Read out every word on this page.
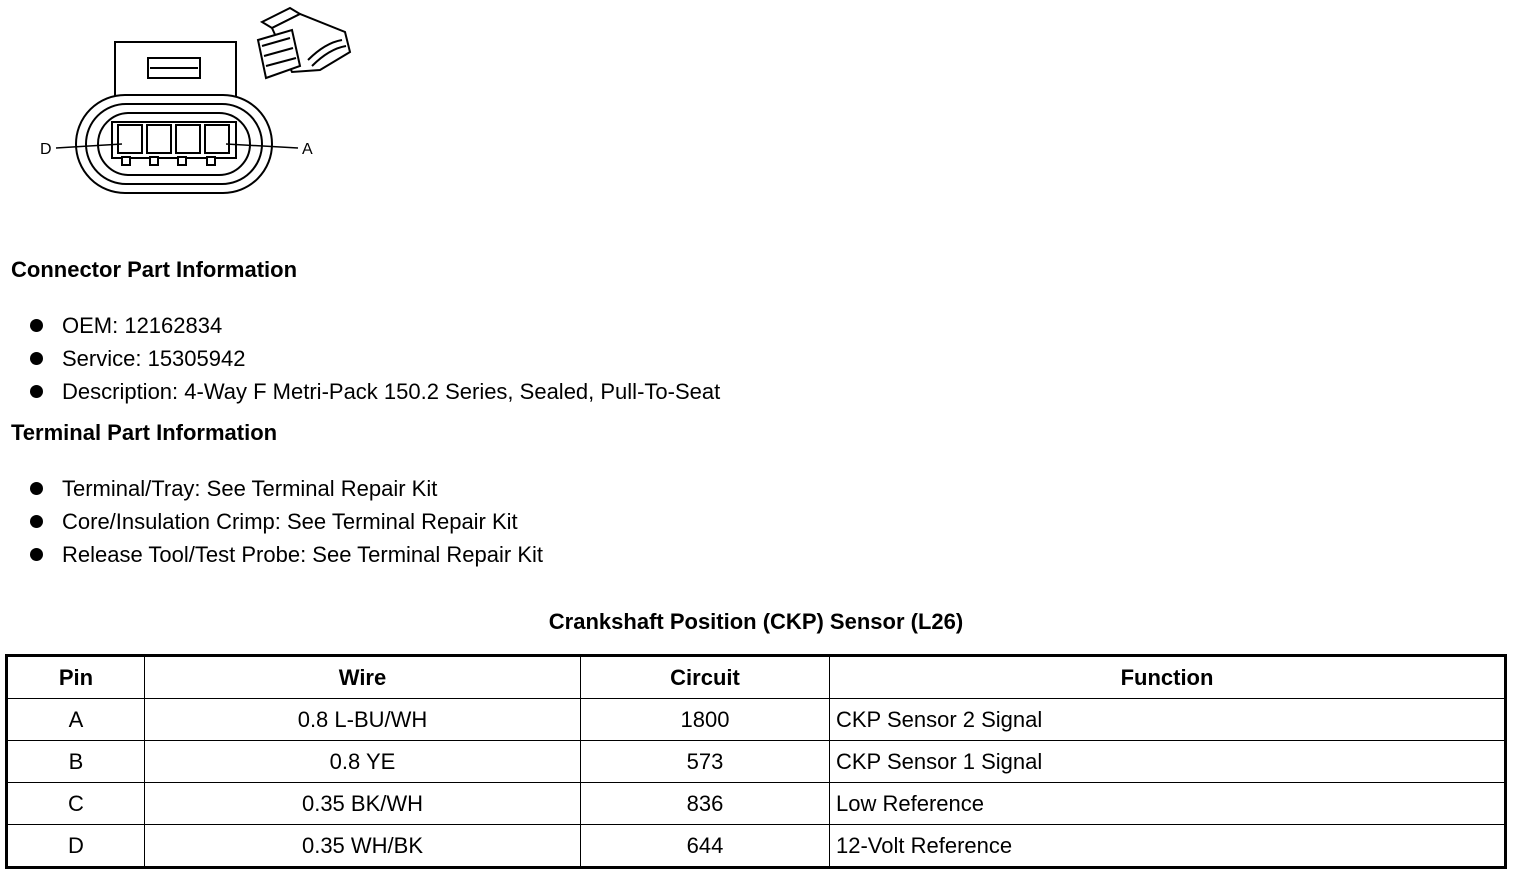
D	A
Connector Part Information
OEM: 12162834
Service: 15305942
Description: 4-Way F Metri-Pack 150.2 Series, Sealed, Pull-To-Seat
Terminal Part Information
Terminal/Tray: See Terminal Repair Kit
Core/Insulation Crimp: See Terminal Repair Kit
Release Tool/Test Probe: See Terminal Repair Kit
Crankshaft Position (CKP) Sensor (L26)
Pin	Wire	Circuit	Function
A	0.8 L-BU/WH	1800	CKP Sensor 2 Signal
B	0.8 YE	573	CKP Sensor 1 Signal
C	0.35 BK/WH	836	Low Reference
D	0.35 WH/BK	644	12-Volt Reference
